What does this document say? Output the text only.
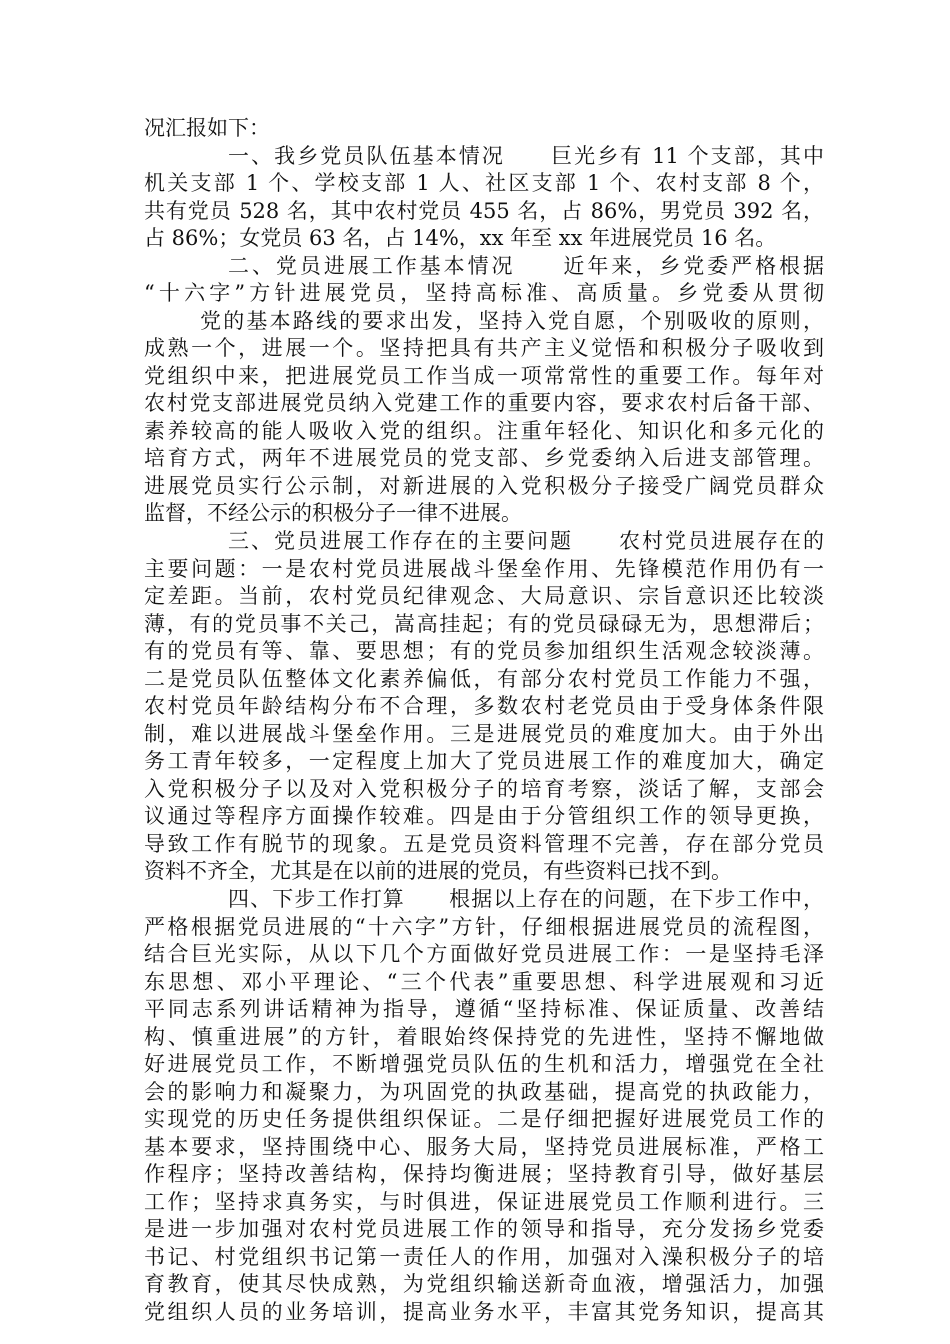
况汇报如下：
一、我乡党员队伍基本情况　　巨光乡有 11 个支部，其中
机关支部 1 个、学校支部 1 人、社区支部 1 个、农村支部 8 个，
共有党员 528 名，其中农村党员 455 名，占 86%，男党员 392 名，
占 86%；女党员 63 名，占 14%，xx 年至 xx 年进展党员 16 名。
二、党员进展工作基本情况　　近年来，乡党委严格根据
“十六字”方针进展党员，坚持高标准、高质量。乡党委从贯彻
党的基本路线的要求出发，坚持入党自愿，个别吸收的原则，
成熟一个，进展一个。坚持把具有共产主义觉悟和积极分子吸收到
党组织中来，把进展党员工作当成一项常常性的重要工作。每年对
农村党支部进展党员纳入党建工作的重要内容，要求农村后备干部、
素养较高的能人吸收入党的组织。注重年轻化、知识化和多元化的
培育方式，两年不进展党员的党支部、乡党委纳入后进支部管理。
进展党员实行公示制，对新进展的入党积极分子接受广阔党员群众
监督，不经公示的积极分子一律不进展。
三、党员进展工作存在的主要问题　　农村党员进展存在的
主要问题：一是农村党员进展战斗堡垒作用、先锋模范作用仍有一
定差距。当前，农村党员纪律观念、大局意识、宗旨意识还比较淡
薄，有的党员事不关己，嵩高挂起；有的党员碌碌无为，思想滞后；
有的党员有等、靠、要思想；有的党员参加组织生活观念较淡薄。
二是党员队伍整体文化素养偏低，有部分农村党员工作能力不强，
农村党员年龄结构分布不合理，多数农村老党员由于受身体条件限
制，难以进展战斗堡垒作用。三是进展党员的难度加大。由于外出
务工青年较多，一定程度上加大了党员进展工作的难度加大，确定
入党积极分子以及对入党积极分子的培育考察，淡话了解，支部会
议通过等程序方面操作较难。四是由于分管组织工作的领导更换，
导致工作有脱节的现象。五是党员资料管理不完善，存在部分党员
资料不齐全，尤其是在以前的进展的党员，有些资料已找不到。
四、下步工作打算　　根据以上存在的问题，在下步工作中，
严格根据党员进展的“十六字”方针，仔细根据进展党员的流程图，
结合巨光实际，从以下几个方面做好党员进展工作：一是坚持毛泽
东思想、邓小平理论、“三个代表”重要思想、科学进展观和习近
平同志系列讲话精神为指导，遵循“坚持标准、保证质量、改善结
构、慎重进展”的方针，着眼始终保持党的先进性，坚持不懈地做
好进展党员工作，不断增强党员队伍的生机和活力，增强党在全社
会的影响力和凝聚力，为巩固党的执政基础，提高党的执政能力，
实现党的历史任务提供组织保证。二是仔细把握好进展党员工作的
基本要求，坚持围绕中心、服务大局，坚持党员进展标准，严格工
作程序；坚持改善结构，保持均衡进展；坚持教育引导，做好基层
工作；坚持求真务实，与时俱进，保证进展党员工作顺利进行。三
是进一步加强对农村党员进展工作的领导和指导，充分发扬乡党委
书记、村党组织书记第一责任人的作用，加强对入澡积极分子的培
育教育，使其尽快成熟，为党组织输送新奇血液，增强活力，加强
党组织人员的业务培训，提高业务水平，丰富其党务知识，提高其
